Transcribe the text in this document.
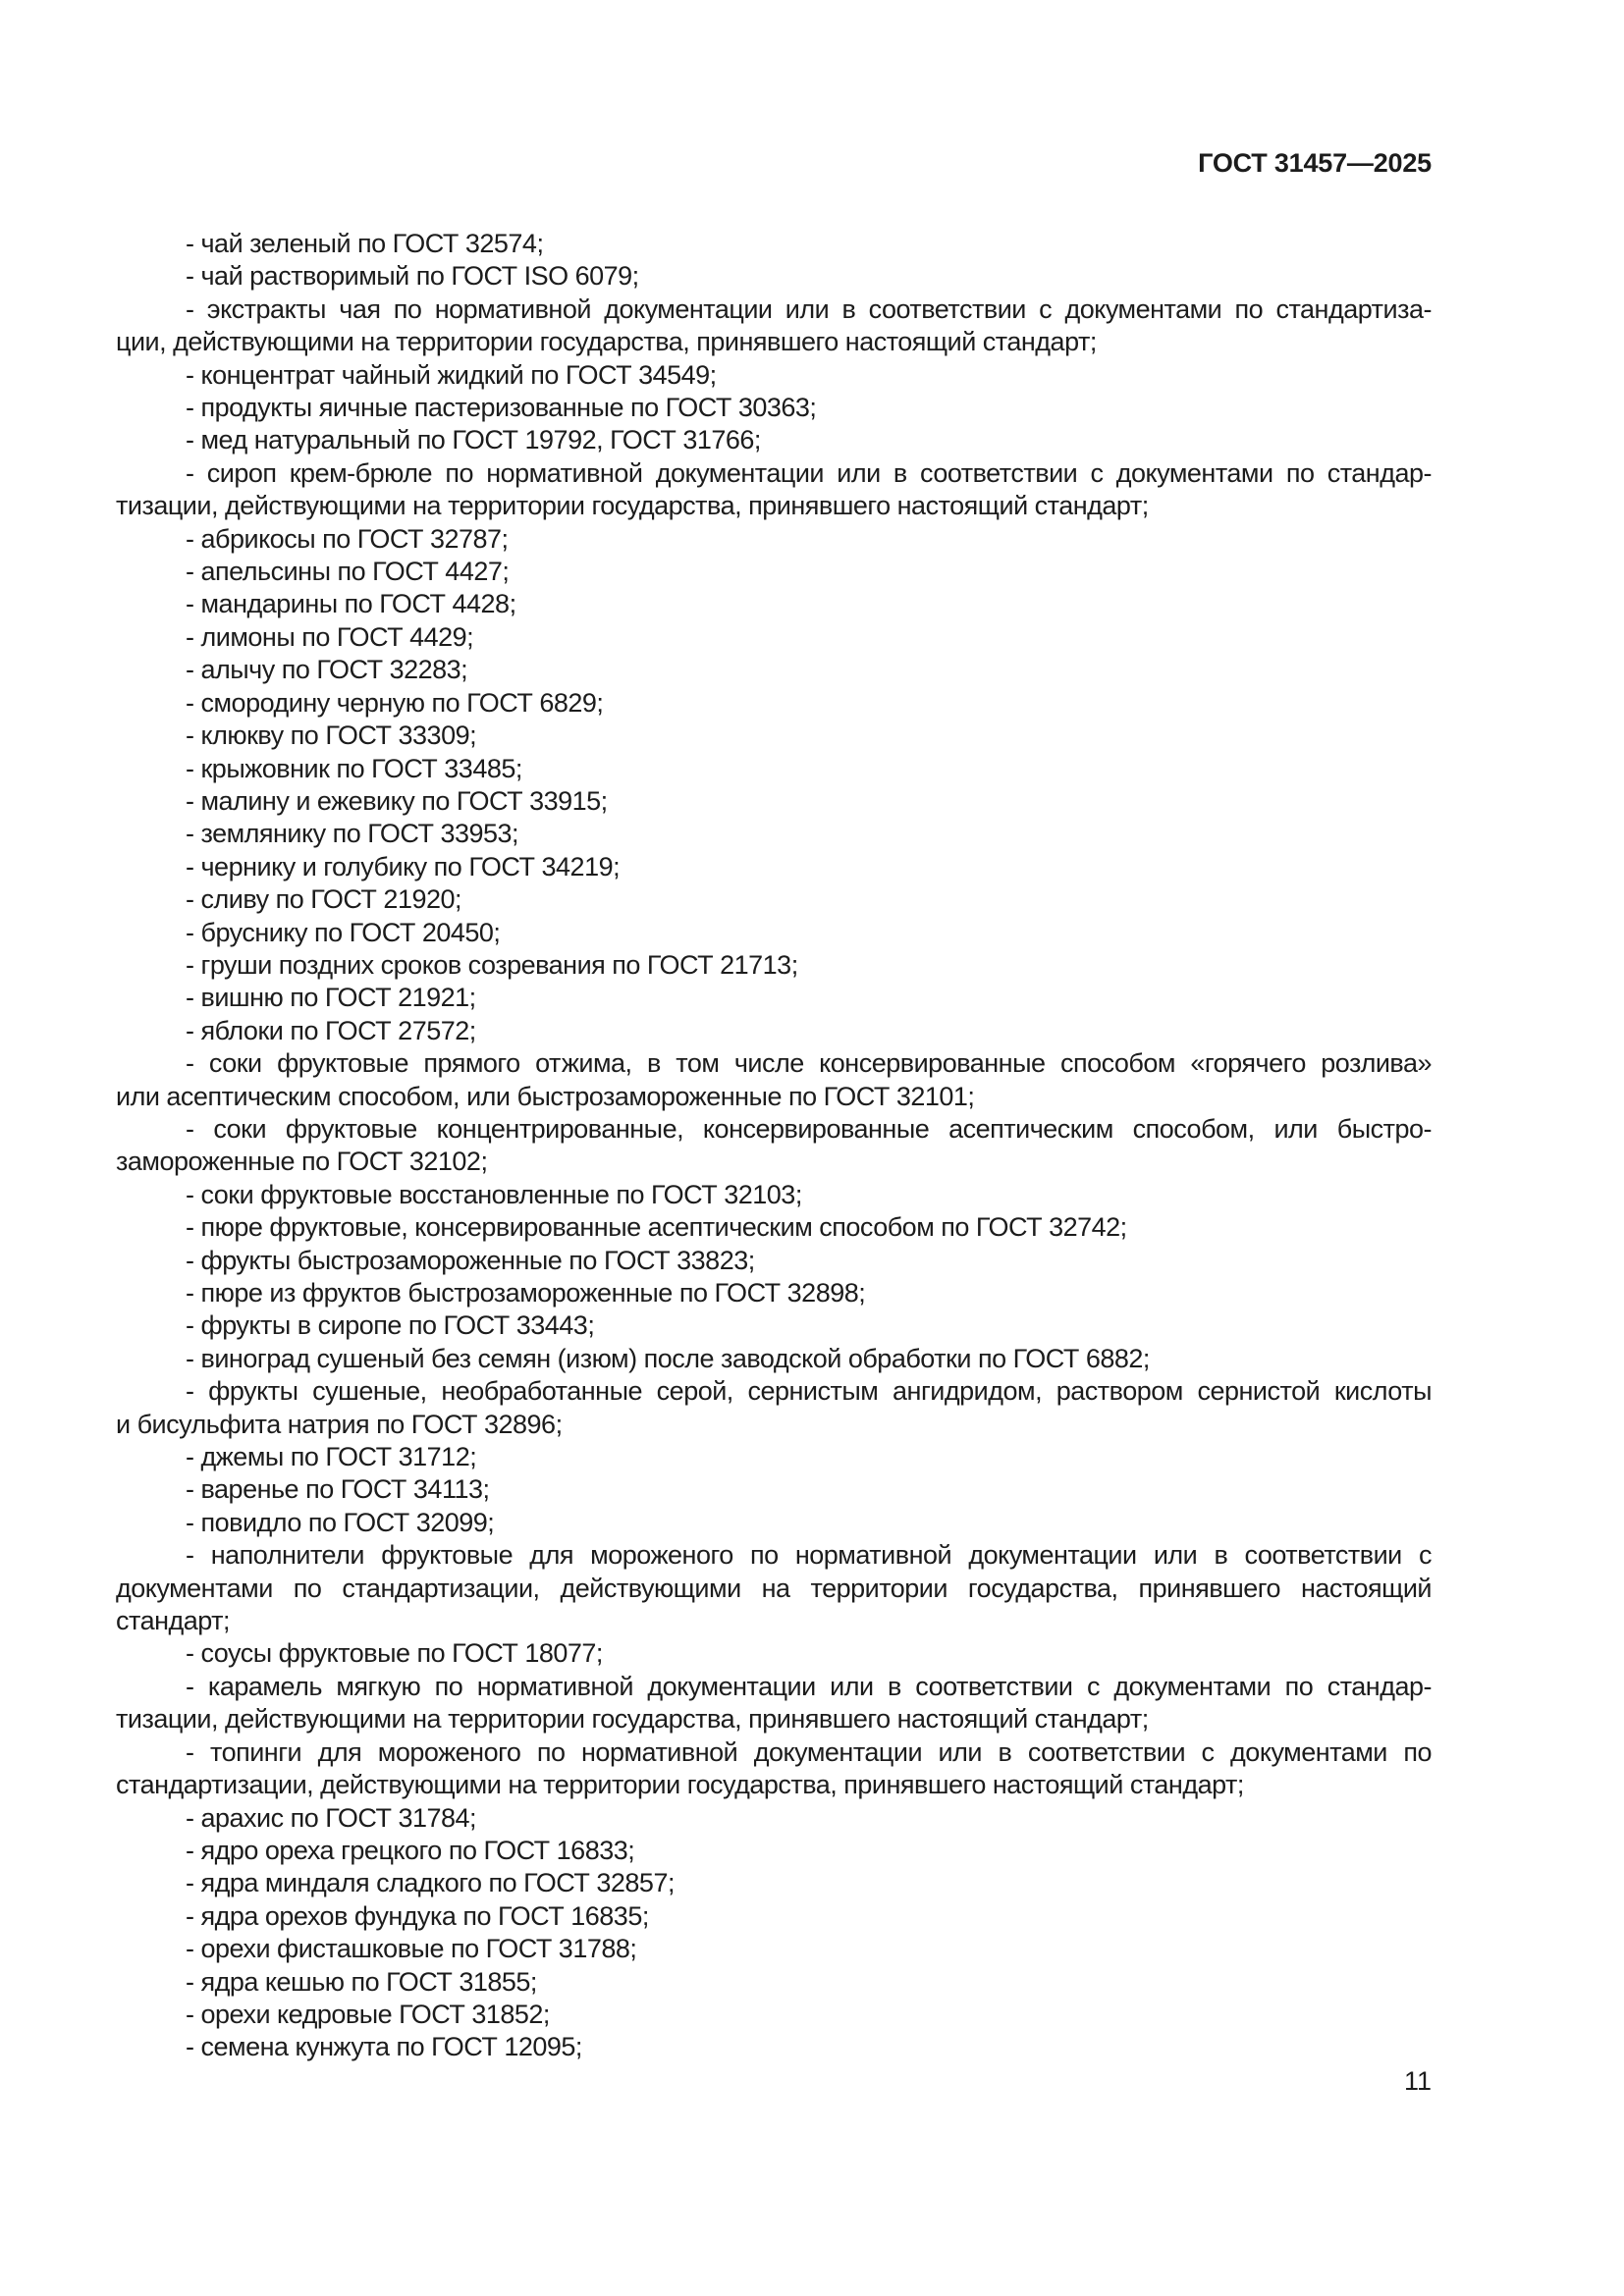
ГОСТ 31457—2025
- чай зеленый по ГОСТ 32574;
- чай растворимый по ГОСТ ISO 6079;
- экстракты чая по нормативной документации или в соответствии с документами по стандартиза-
ции, действующими на территории государства, принявшего настоящий стандарт;
- концентрат чайный жидкий по ГОСТ 34549;
- продукты яичные пастеризованные по ГОСТ 30363;
- мед натуральный по ГОСТ 19792, ГОСТ 31766;
- сироп крем-брюле по нормативной документации или в соответствии с документами по стандар-
тизации, действующими на территории государства, принявшего настоящий стандарт;
- абрикосы по ГОСТ 32787;
- апельсины по ГОСТ 4427;
- мандарины по ГОСТ 4428;
- лимоны по ГОСТ 4429;
- алычу по ГОСТ 32283;
- смородину черную по ГОСТ 6829;
- клюкву по ГОСТ 33309;
- крыжовник по ГОСТ 33485;
- малину и ежевику по ГОСТ 33915;
- землянику по ГОСТ 33953;
- чернику и голубику по ГОСТ 34219;
- сливу по ГОСТ 21920;
- бруснику по ГОСТ 20450;
- груши поздних сроков созревания по ГОСТ 21713;
- вишню по ГОСТ 21921;
- яблоки по ГОСТ 27572;
- соки фруктовые прямого отжима, в том числе консервированные способом «горячего розлива»
или асептическим способом, или быстрозамороженные по ГОСТ 32101;
- соки фруктовые концентрированные, консервированные асептическим способом, или быстро-
замороженные по ГОСТ 32102;
- соки фруктовые восстановленные по ГОСТ 32103;
- пюре фруктовые, консервированные асептическим способом по ГОСТ 32742;
- фрукты быстрозамороженные по ГОСТ 33823;
- пюре из фруктов быстрозамороженные по ГОСТ 32898;
- фрукты в сиропе по ГОСТ 33443;
- виноград сушеный без семян (изюм) после заводской обработки по ГОСТ 6882;
- фрукты сушеные, необработанные серой, сернистым ангидридом, раствором сернистой кислоты
и бисульфита натрия по ГОСТ 32896;
- джемы по ГОСТ 31712;
- варенье по ГОСТ 34113;
- повидло по ГОСТ 32099;
- наполнители фруктовые для мороженого по нормативной документации или в соответствии с
документами по стандартизации, действующими на территории государства, принявшего настоящий
стандарт;
- соусы фруктовые по ГОСТ 18077;
- карамель мягкую по нормативной документации или в соответствии с документами по стандар-
тизации, действующими на территории государства, принявшего настоящий стандарт;
- топинги для мороженого по нормативной документации или в соответствии с документами по
стандартизации, действующими на территории государства, принявшего настоящий стандарт;
- арахис по ГОСТ 31784;
- ядро ореха грецкого по ГОСТ 16833;
- ядра миндаля сладкого по ГОСТ 32857;
- ядра орехов фундука по ГОСТ 16835;
- орехи фисташковые по ГОСТ 31788;
- ядра кешью по ГОСТ 31855;
- орехи кедровые ГОСТ 31852;
- семена кунжута по ГОСТ 12095;
11
